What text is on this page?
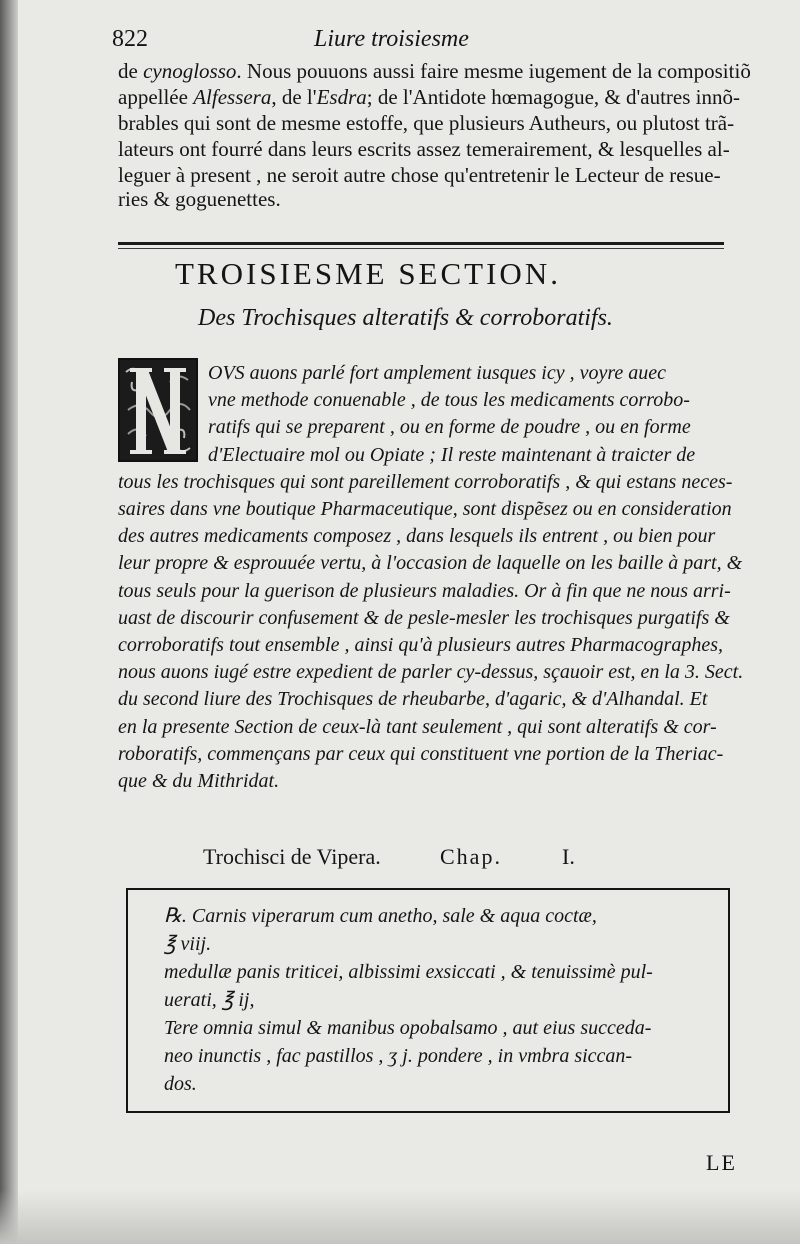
822	Liure troisiesme
de cynoglosso. Nous pouuons aussi faire mesme iugement de la compositiõ
appellée Alfessera, de l'Esdra; de l'Antidote hœmagogue, & d'autres innõ-
brables qui sont de mesme estoffe, que plusieurs Autheurs, ou plutost trã-
lateurs ont fourré dans leurs escrits assez temerairement, & lesquelles al-
leguer à present , ne seroit autre chose qu'entretenir le Lecteur de resue-
ries & goguenettes.
TROISIESME SECTION.
Des Trochisques alteratifs & corroboratifs.
OVS auons parlé fort amplement iusques icy , voyre auec
vne methode conuenable , de tous les medicaments corrobo-
ratifs qui se preparent , ou en forme de poudre , ou en forme
d'Electuaire mol ou Opiate ; Il reste maintenant à traicter de
tous les trochisques qui sont pareillement corroboratifs , & qui estans neces-
saires dans vne boutique Pharmaceutique, sont dispẽsez ou en consideration
des autres medicaments composez , dans lesquels ils entrent , ou bien pour
leur propre & esprouuée vertu, à l'occasion de laquelle on les baille à part, &
tous seuls pour la guerison de plusieurs maladies. Or à fin que ne nous arri-
uast de discourir confusement & de pesle-mesler les trochisques purgatifs &
corroboratifs tout ensemble , ainsi qu'à plusieurs autres Pharmacographes,
nous auons iugé estre expedient de parler cy-dessus, sçauoir est, en la 3. Sect.
du second liure des Trochisques de rheubarbe, d'agaric, & d'Alhandal. Et
en la presente Section de ceux-là tant seulement , qui sont alteratifs & cor-
roboratifs, commençans par ceux qui constituent vne portion de la Theriac-
que & du Mithridat.
Trochisci de Vipera.	Chap.	I.
℞. Carnis viperarum cum anetho, sale & aqua coctæ,
℥ viij.
medullæ panis triticei, albissimi exsiccati , & tenuissimè pul-
uerati, ℥ ij,
Tere omnia simul & manibus opobalsamo , aut eius succeda-
neo inunctis , fac pastillos , ʒ j. pondere , in vmbra siccan-
dos.
LE
